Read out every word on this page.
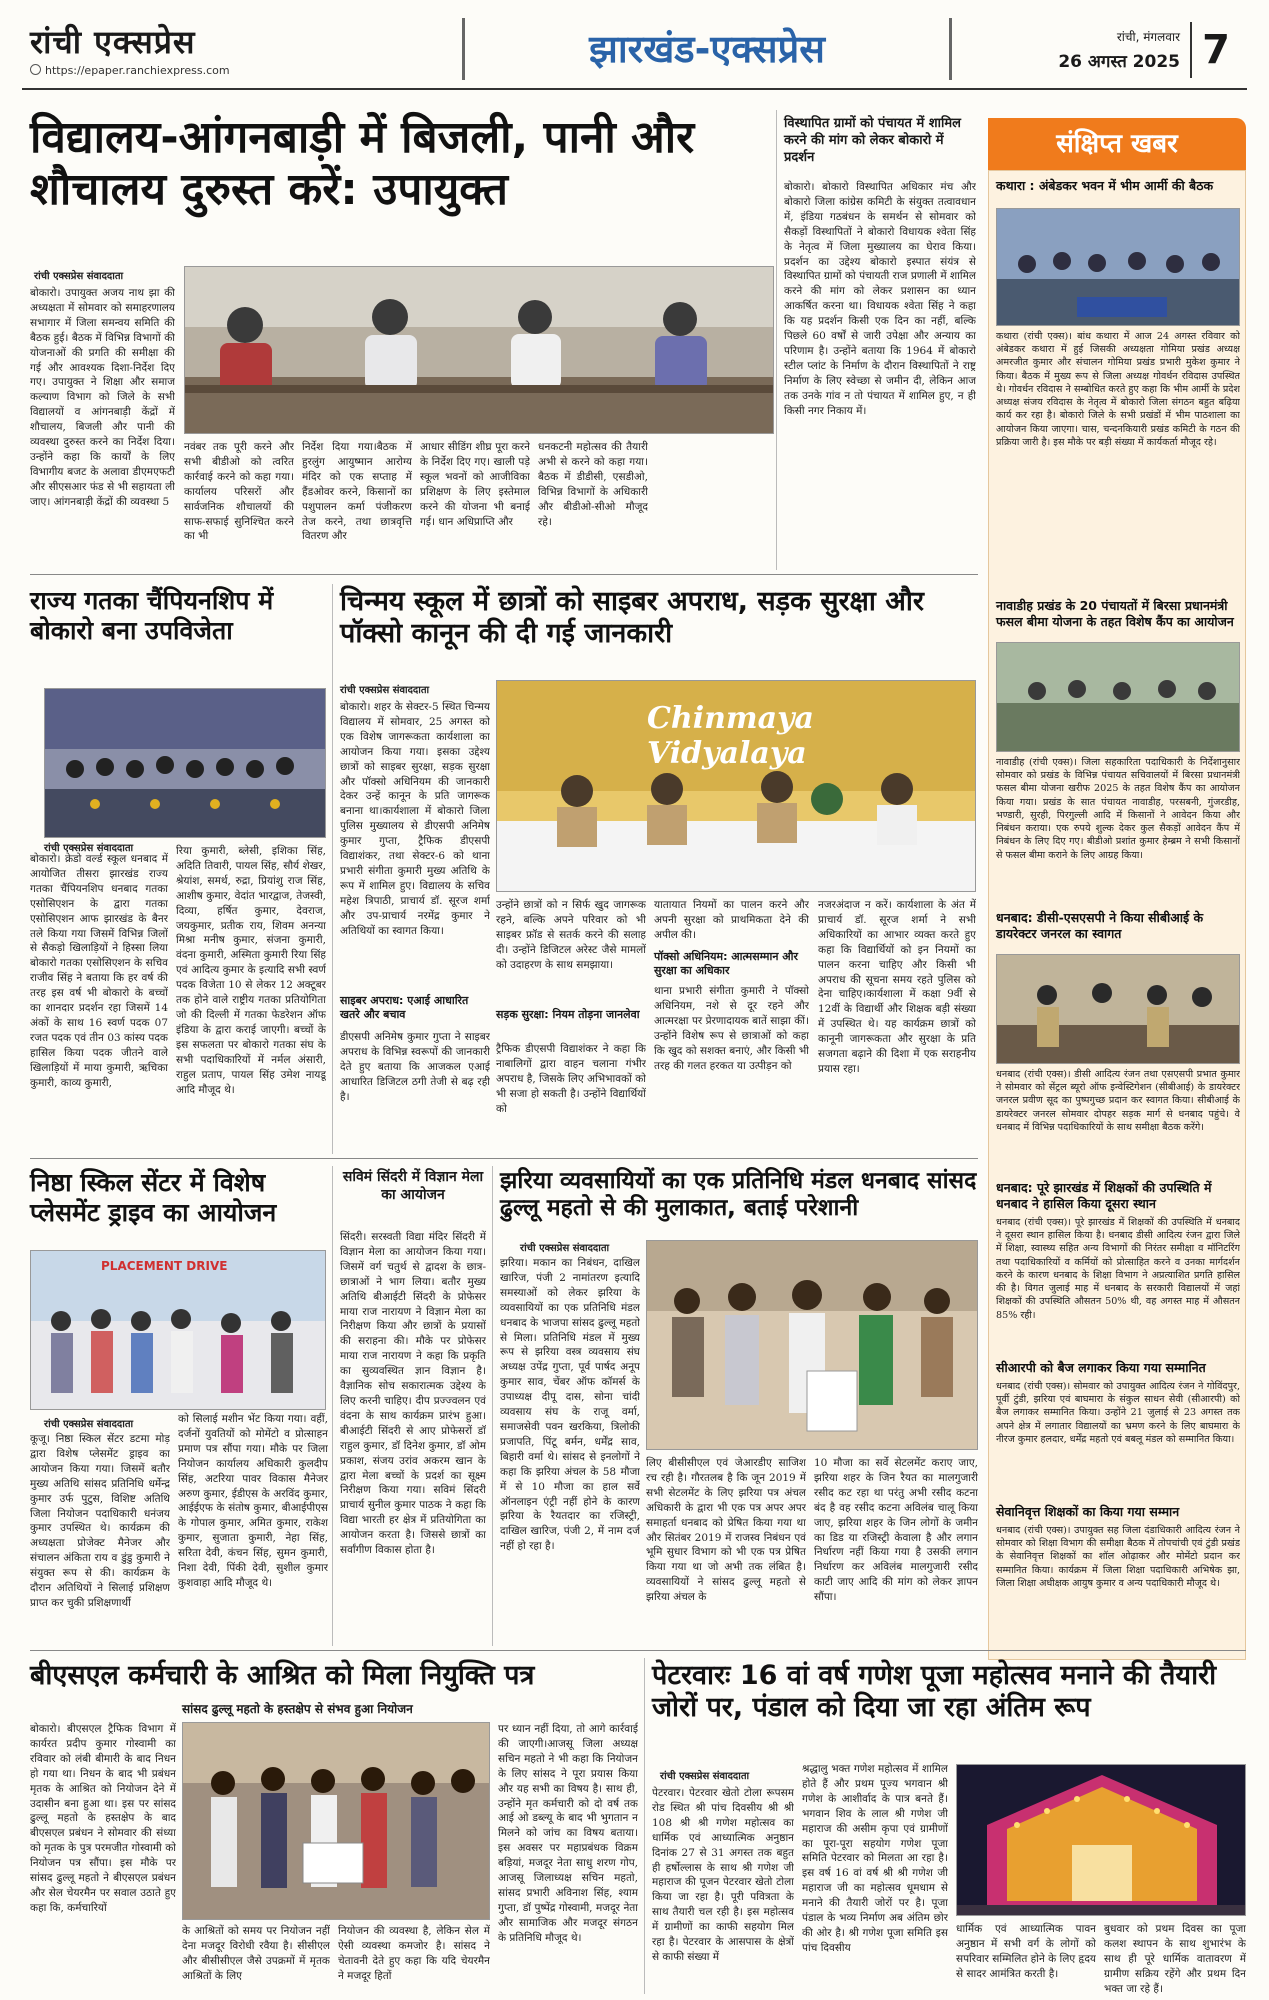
रांची एक्सप्रेस
https://epaper.ranchiexpress.com	झारखंड-एक्सप्रेस	रांची, मंगलवार
26 अगस्त 2025 7
विद्यालय-आंगनबाड़ी में बिजली, पानी और शौचालय दुरुस्त करें: उपायुक्त
रांची एक्सप्रेस संवाददाता
बोकारो। उपायुक्त अजय नाथ झा की अध्यक्षता में सोमवार को समाहरणालय सभागार में जिला समन्वय समिति की बैठक हुई। बैठक में विभिन्न विभागों की योजनाओं की प्रगति की समीक्षा की गई और आवश्यक दिशा-निर्देश दिए गए। उपायुक्त ने शिक्षा और समाज कल्याण विभाग को जिले के सभी विद्यालयों व आंगनबाड़ी केंद्रों में शौचालय, बिजली और पानी की व्यवस्था दुरुस्त करने का निर्देश दिया। उन्होंने कहा कि कार्यों के लिए विभागीय बजट के अलावा डीएमएफटी और सीएसआर फंड से भी सहायता ली जाए। आंगनबाड़ी केंद्रों की व्यवस्था 5
नवंबर तक पूरी करने और सभी बीडीओ को त्वरित कार्रवाई करने को कहा गया। कार्यालय परिसरों और सार्वजनिक शौचालयों की साफ-सफाई सुनिश्चित करने का भी
निर्देश दिया गया।बैठक में हुरलुंग आयुष्मान आरोग्य मंदिर को एक सप्ताह में हैंडओवर करने, किसानों का पशुपालन कर्मा पंजीकरण तेज करने, तथा छात्रवृत्ति वितरण और
आधार सीडिंग शीघ्र पूरा करने के निर्देश दिए गए। खाली पड़े स्कूल भवनों को आजीविका प्रशिक्षण के लिए इस्तेमाल करने की योजना भी बनाई गई। धान अधिप्राप्ति और
धनकटनी महोत्सव की तैयारी अभी से करने को कहा गया। बैठक में डीडीसी, एसडीओ, विभिन्न विभागों के अधिकारी और बीडीओ-सीओ मौजूद रहे।
विस्थापित ग्रामों को पंचायत में शामिल करने की मांग को लेकर बोकारो में प्रदर्शन
बोकारो। बोकारो विस्थापित अधिकार मंच और बोकारो जिला कांग्रेस कमिटी के संयुक्त तत्वावधान में, इंडिया गठबंधन के समर्थन से सोमवार को सैकड़ों विस्थापितों ने बोकारो विधायक श्वेता सिंह के नेतृत्व में जिला मुख्यालय का घेराव किया। प्रदर्शन का उद्देश्य बोकारो इस्पात संयंत्र से विस्थापित ग्रामों को पंचायती राज प्रणाली में शामिल करने की मांग को लेकर प्रशासन का ध्यान आकर्षित करना था। विधायक श्वेता सिंह ने कहा कि यह प्रदर्शन किसी एक दिन का नहीं, बल्कि पिछले 60 वर्षों से जारी उपेक्षा और अन्याय का परिणाम है। उन्होंने बताया कि 1964 में बोकारो स्टील प्लांट के निर्माण के दौरान विस्थापितों ने राष्ट्र निर्माण के लिए स्वेच्छा से जमीन दी, लेकिन आज तक उनके गांव न तो पंचायत में शामिल हुए, न ही किसी नगर निकाय में।
संक्षिप्त खबर
कथारा : अंबेडकर भवन में भीम आर्मी की बैठक
कथारा (रांची एक्स)। बांध कथारा में आज 24 अगस्त रविवार को अंबेडकर कथारा में हुई जिसकी अध्यक्षता गोमिया प्रखंड अध्यक्ष अमरजीत कुमार और संचालन गोमिया प्रखंड प्रभारी मुकेश कुमार ने किया। बैठक में मुख्य रूप से जिला अध्यक्ष गोवर्धन रविदास उपस्थित थे। गोवर्धन रविदास ने सम्बोधित करते हुए कहा कि भीम आर्मी के प्रदेश अध्यक्ष संजय रविदास के नेतृत्व में बोकारो जिला संगठन बहुत बढ़िया कार्य कर रहा है। बोकारो जिले के सभी प्रखंडों में भीम पाठशाला का आयोजन किया जाएगा। चास, चन्दनकियारी प्रखंड कमिटी के गठन की प्रक्रिया जारी है। इस मौके पर बड़ी संख्या में कार्यकर्ता मौजूद रहे।
नावाडीह प्रखंड के 20 पंचायतों में बिरसा प्रधानमंत्री फसल बीमा योजना के तहत विशेष कैंप का आयोजन
नावाडीह (रांची एक्स)। जिला सहकारिता पदाधिकारी के निर्देशानुसार सोमवार को प्रखंड के विभिन्न पंचायत सचिवालयों में बिरसा प्रधानमंत्री फसल बीमा योजना खरीफ 2025 के तहत विशेष कैंप का आयोजन किया गया। प्रखंड के सात पंचायत नावाडीह, परसबनी, गुंजरडीह, भण्डारी, सुरही, पिरगुल्ली आदि में किसानों ने आवेदन किया और निबंधन कराया। एक रुपये शुल्क देकर कुल सैकड़ों आवेदन कैंप में निबंधन के लिए दिए गए। बीडीओ प्रशांत कुमार हेम्ब्रम ने सभी किसानों से फसल बीमा कराने के लिए आग्रह किया।
धनबाद: डीसी-एसएसपी ने किया सीबीआई के डायरेक्टर जनरल का स्वागत
धनबाद (रांची एक्स)। डीसी आदित्य रंजन तथा एसएसपी प्रभात कुमार ने सोमवार को सेंट्रल ब्यूरो ऑफ इन्वेस्टिगेशन (सीबीआई) के डायरेक्टर जनरल प्रवीण सूद का पुष्पगुच्छ प्रदान कर स्वागत किया। सीबीआई के डायरेक्टर जनरल सोमवार दोपहर सड़क मार्ग से धनबाद पहुंचे। वे धनबाद में विभिन्न पदाधिकारियों के साथ समीक्षा बैठक करेंगे।
धनबाद: पूरे झारखंड में शिक्षकों की उपस्थिति में धनबाद ने हासिल किया दूसरा स्थान
धनबाद (रांची एक्स)। पूरे झारखंड में शिक्षकों की उपस्थिति में धनबाद ने दूसरा स्थान हासिल किया है। धनबाद डीसी आदित्य रंजन द्वारा जिले में शिक्षा, स्वास्थ्य सहित अन्य विभागों की निरंतर समीक्षा व मॉनिटरिंग तथा पदाधिकारियों व कर्मियों को प्रोत्साहित करने व उनका मार्गदर्शन करने के कारण धनबाद के शिक्षा विभाग ने अप्रत्याशित प्रगति हासिल की है। विगत जुलाई माह में धनबाद के सरकारी विद्यालयों में जहां शिक्षकों की उपस्थिति औसतन 50% थी, वह अगस्त माह में औसतन 85% रही।
सीआरपी को बैज लगाकर किया गया सम्मानित
धनबाद (रांची एक्स)। सोमवार को उपायुक्त आदित्य रंजन ने गोविंदपुर, पूर्वी टुंडी, झरिया एवं बाघमारा के संकुल साधन सेवी (सीआरपी) को बैज लगाकर सम्मानित किया। उन्होंने 21 जुलाई से 23 अगस्त तक अपने क्षेत्र में लगातार विद्यालयों का भ्रमण करने के लिए बाघमारा के नीरज कुमार हलदार, धर्मेंद्र महतो एवं बबलू मंडल को सम्मानित किया।
सेवानिवृत्त शिक्षकों का किया गया सम्मान
धनबाद (रांची एक्स)। उपायुक्त सह जिला दंडाधिकारी आदित्य रंजन ने सोमवार को शिक्षा विभाग की समीक्षा बैठक में तोपचांची एवं टुंडी प्रखंड के सेवानिवृत्त शिक्षकों का शॉल ओढ़ाकर और मोमेंटो प्रदान कर सम्मानित किया। कार्यक्रम में जिला शिक्षा पदाधिकारी अभिषेक झा, जिला शिक्षा अधीक्षक आयुष कुमार व अन्य पदाधिकारी मौजूद थे।
राज्य गतका चैंपियनशिप में बोकारो बना उपविजेता
रांची एक्सप्रेस संवाददाता
बोकारो। क्रेडो वर्ल्ड स्कूल धनबाद में आयोजित तीसरा झारखंड राज्य गतका चैंपियनशिप धनबाद गतका एसोसिएशन के द्वारा गतका एसोसिएशन आफ झारखंड के बैनर तले किया गया जिसमें विभिन्न जिलों से सैकड़ो खिलाड़ियों ने हिस्सा लिया बोकारो गतका एसोसिएशन के सचिव राजीव सिंह ने बताया कि हर वर्ष की तरह इस वर्ष भी बोकारो के बच्चों का शानदार प्रदर्शन रहा जिसमें 14 अंकों के साथ 16 स्वर्ण पदक 07 रजत पदक एवं तीन 03 कांस्य पदक हासिल किया पदक जीतने वाले खिलाड़ियों में माया कुमारी, ऋचिका कुमारी, काव्य कुमारी,
रिया कुमारी, ब्लेसी, इशिका सिंह, अदिति तिवारी, पायल सिंह, सौर्य शेखर, श्रेयांश, समर्थ, रुद्रा, प्रियांशु राज सिंह, आशीष कुमार, वेदांत भारद्वाज, तेजस्वी, दिव्या, हर्षित कुमार, देवराज, जयकुमार, प्रतीक राय, शिवम अनन्या मिश्रा मनीष कुमार, संजना कुमारी, वंदना कुमारी, अस्मिता कुमारी रिया सिंह एवं आदित्य कुमार के इत्यादि सभी स्वर्ण पदक विजेता 10 से लेकर 12 अक्टूबर तक होने वाले राष्ट्रीय गतका प्रतियोगिता जो की दिल्ली में गतका फेडरेशन ऑफ इंडिया के द्वारा कराई जाएगी। बच्चों के इस सफलता पर बोकारो गतका संघ के सभी पदाधिकारियों में नर्मल अंसारी, राहुल प्रताप, पायल सिंह उमेश नायडू आदि मौजूद थे।
चिन्मय स्कूल में छात्रों को साइबर अपराध, सड़क सुरक्षा और पॉक्सो कानून की दी गई जानकारी
रांची एक्सप्रेस संवाददाता
बोकारो। शहर के सेक्टर-5 स्थित चिन्मय विद्यालय में सोमवार, 25 अगस्त को एक विशेष जागरूकता कार्यशाला का आयोजन किया गया। इसका उद्देश्य छात्रों को साइबर सुरक्षा, सड़क सुरक्षा और पॉक्सो अधिनियम की जानकारी देकर उन्हें कानून के प्रति जागरूक बनाना था।कार्यशाला में बोकारो जिला पुलिस मुख्यालय से डीएसपी अनिमेष कुमार गुप्ता, ट्रैफिक डीएसपी विद्याशंकर, तथा सेक्टर-6 को थाना प्रभारी संगीता कुमारी मुख्य अतिथि के रूप में शामिल हुए। विद्यालय के सचिव महेश त्रिपाठी, प्राचार्य डॉ. सूरज शर्मा और उप-प्राचार्य नरमेंद्र कुमार ने अतिथियों का स्वागत किया।
साइबर अपराध: एआई आधारित खतरे और बचाव
डीएसपी अनिमेष कुमार गुप्ता ने साइबर अपराध के विभिन्न स्वरूपों की जानकारी देते हुए बताया कि आजकल एआई आधारित डिजिटल ठगी तेजी से बढ़ रही है।
Chinmaya Vidyalaya
उन्होंने छात्रों को न सिर्फ खुद जागरूक रहने, बल्कि अपने परिवार को भी साइबर फ्रॉड से सतर्क करने की सलाह दी। उन्होंने डिजिटल अरेस्ट जैसे मामलों को उदाहरण के साथ समझाया।
सड़क सुरक्षा: नियम तोड़ना जानलेवा
ट्रैफिक डीएसपी विद्याशंकर ने कहा कि नाबालिगों द्वारा वाहन चलाना गंभीर अपराध है, जिसके लिए अभिभावकों को भी सजा हो सकती है। उन्होंने विद्यार्थियों को
यातायात नियमों का पालन करने और अपनी सुरक्षा को प्राथमिकता देने की अपील की।
पॉक्सो अधिनियम: आत्मसम्मान और सुरक्षा का अधिकार
थाना प्रभारी संगीता कुमारी ने पॉक्सो अधिनियम, नशे से दूर रहने और आत्मरक्षा पर प्रेरणादायक बातें साझा कीं। उन्होंने विशेष रूप से छात्राओं को कहा कि खुद को सशक्त बनाएं, और किसी भी तरह की गलत हरकत या उत्पीड़न को
नजरअंदाज न करें। कार्यशाला के अंत में प्राचार्य डॉ. सूरज शर्मा ने सभी अधिकारियों का आभार व्यक्त करते हुए कहा कि विद्यार्थियों को इन नियमों का पालन करना चाहिए और किसी भी अपराध की सूचना समय रहते पुलिस को देना चाहिए।कार्यशाला में कक्षा 9वीं से 12वीं के विद्यार्थी और शिक्षक बड़ी संख्या में उपस्थित थे। यह कार्यक्रम छात्रों को कानूनी जागरूकता और सुरक्षा के प्रति सजगता बढ़ाने की दिशा में एक सराहनीय प्रयास रहा।
निष्ठा स्किल सेंटर में विशेष प्लेसमेंट ड्राइव का आयोजन
PLACEMENT DRIVE
रांची एक्सप्रेस संवाददाता
कूजू। निष्ठा स्किल सेंटर डटमा मोड़ द्वारा विशेष प्लेसमेंट ड्राइव का आयोजन किया गया। जिसमें बतौर मुख्य अतिथि सांसद प्रतिनिधि धर्मेन्द्र कुमार उर्फ पुटुस, विशिष्ट अतिथि जिला नियोजन पदाधिकारी धनंजय कुमार उपस्थित थे। कार्यक्रम की अध्यक्षता प्रोजेक्ट मैनेजर और संचालन अंकिता राय व डुंडु कुमारी ने संयुक्त रूप से की। कार्यक्रम के दौरान अतिथियों ने सिलाई प्रशिक्षण प्राप्त कर चुकी प्रशिक्षणार्थी
को सिलाई मशीन भेंट किया गया। वहीं, दर्जनों युवतियों को मोमेंटो व प्रोत्साहन प्रमाण पत्र सौंपा गया। मौके पर जिला नियोजन कार्यालय अधिकारी कुलदीप सिंह, अटरिया पावर विकास मैनेजर अरुण कुमार, ईडीएस के अरविंद कुमार, आईईएफ के संतोष कुमार, बीआईपीएस के गोपाल कुमार, अमित कुमार, राकेश कुमार, सुजाता कुमारी, नेहा सिंह, सरिता देवी, कंचन सिंह, सुमन कुमारी, निशा देवी, पिंकी देवी, सुशील कुमार कुशवाहा आदि मौजूद थे।
सविमं सिंदरी में विज्ञान मेला का आयोजन
सिंदरी। सरस्वती विद्या मंदिर सिंदरी में विज्ञान मेला का आयोजन किया गया। जिसमें वर्ग चतुर्थ से द्वादश के छात्र-छात्राओं ने भाग लिया। बतौर मुख्य अतिथि बीआईटी सिंदरी के प्रोफेसर माया राज नारायण ने विज्ञान मेला का निरीक्षण किया और छात्रों के प्रयासों की सराहना की। मौके पर प्रोफेसर माया राज नारायण ने कहा कि प्रकृति का सुव्यवस्थित ज्ञान विज्ञान है। वैज्ञानिक सोच सकारात्मक उद्देश्य के लिए करनी चाहिए। दीप प्रज्ज्वलन एवं वंदना के साथ कार्यक्रम प्रारंभ हुआ। बीआईटी सिंदरी से आए प्रोफेसरों डॉ राहुल कुमार, डॉ दिनेश कुमार, डॉ ओम प्रकाश, संजय उरांव अकरम खान के द्वारा मेला बच्चों के प्रदर्श का सूक्ष्म निरीक्षण किया गया। सविमं सिंदरी प्राचार्य सुनील कुमार पाठक ने कहा कि विद्या भारती हर क्षेत्र में प्रतियोगिता का आयोजन करता है। जिससे छात्रों का सर्वांगीण विकास होता है।
झरिया व्यवसायियों का एक प्रतिनिधि मंडल धनबाद सांसद ढुल्लू महतो से की मुलाकात, बताई परेशानी
रांची एक्सप्रेस संवाददाता
झरिया। मकान का निबंधन, दाखिल खारिज, पंजी 2 नामांतरण इत्यादि समस्याओं को लेकर झरिया के व्यवसायियों का एक प्रतिनिधि मंडल धनबाद के भाजपा सांसद ढुल्लू महतो से मिला। प्रतिनिधि मंडल में मुख्य रूप से झरिया वस्त्र व्यवसाय संघ अध्यक्ष उपेंद्र गुप्ता, पूर्व पार्षद अनूप कुमार साव, चेंबर ऑफ कॉमर्स के उपाध्यक्ष दीपू दास, सोना चांदी व्यवसाय संघ के राजू वर्मा, समाजसेवी पवन खरकिया, त्रिलोकी प्रजापति, पिंटू बर्मन, धर्मेंद्र साव, बिहारी वर्मा थे। सांसद से इनलोगों ने कहा कि झरिया अंचल के 58 मौजा में से 10 मौजा का हाल सर्वे ऑनलाइन एंट्री नहीं होने के कारण झरिया के रैयतदार का रजिस्ट्री, दाखिल खारिज, पंजी 2, में नाम दर्ज नहीं हो रहा है।
लिए बीसीसीएल एवं जेआरडीए साजिश रच रही है। गौरतलब है कि जून 2019 में सभी सेटलमेंट के लिए झरिया पत्र अंचल अधिकारी के द्वारा भी एक पत्र अपर अपर समाहर्ता धनबाद को प्रेषित किया गया था और सितंबर 2019 में राजस्व निबंधन एवं भूमि सुधार विभाग को भी एक पत्र प्रेषित किया गया था जो अभी तक लंबित है। व्यवसायियों ने सांसद ढुल्लू महतो से झरिया अंचल के
10 मौजा का सर्वे सेटलमेंट कराए जाए, झरिया शहर के जिन रैयत का मालगुजारी रसीद कट रहा था परंतु अभी रसीद कटना बंद है वह रसीद कटना अविलंब चालू किया जाए, झरिया शहर के जिन लोगों के जमीन का डिड या रजिस्ट्री केवाला है और लगान निर्धारण नहीं किया गया है उसकी लगान निर्धारण कर अविलंब मालगुजारी रसीद काटी जाए आदि की मांग को लेकर ज्ञापन सौंपा।
बीएसएल कर्मचारी के आश्रित को मिला नियुक्ति पत्र
सांसद ढुल्लू महतो के हस्तक्षेप से संभव हुआ नियोजन
बोकारो। बीएसएल ट्रैफिक विभाग में कार्यरत प्रदीप कुमार गोस्वामी का रविवार को लंबी बीमारी के बाद निधन हो गया था। निधन के बाद भी प्रबंधन मृतक के आश्रित को नियोजन देने में उदासीन बना हुआ था। इस पर सांसद ढुल्लू महतो के हस्तक्षेप के बाद बीएसएल प्रबंधन ने सोमवार की संध्या को मृतक के पुत्र परमजीत गोस्वामी को नियोजन पत्र सौंपा। इस मौके पर सांसद ढुल्लू महतो ने बीएसएल प्रबंधन और सेल चेयरमैन पर सवाल उठाते हुए कहा कि, कर्मचारियों
के आश्रितों को समय पर नियोजन नहीं देना मजदूर विरोधी रवैया है। सीसीएल और बीसीसीएल जैसे उपक्रमों में मृतक आश्रितों के लिए
नियोजन की व्यवस्था है, लेकिन सेल में ऐसी व्यवस्था कमजोर है। सांसद ने चेतावनी देते हुए कहा कि यदि चेयरमैन ने मजदूर हितों
पर ध्यान नहीं दिया, तो आगे कार्रवाई की जाएगी।आजसू जिला अध्यक्ष सचिन महतो ने भी कहा कि नियोजन के लिए सांसद ने पूरा प्रयास किया और यह सभी का विषय है। साथ ही, उन्होंने मृत कर्मचारी को दो वर्ष तक आई ओ डब्ल्यू के बाद भी भुगतान न मिलने को जांच का विषय बताया। इस अवसर पर महाप्रबंधक विक्रम बड़ियां, मजदूर नेता साधु शरण गोप, आजसू जिलाध्यक्ष सचिन महतो, सांसद प्रभारी अविनाश सिंह, श्याम गुप्ता, डॉ पुष्पेंद्र गोस्वामी, मजदूर नेता और सामाजिक और मजदूर संगठन के प्रतिनिधि मौजूद थे।
पेटरवारः 16 वां वर्ष गणेश पूजा महोत्सव मनाने की तैयारी जोरों पर, पंडाल को दिया जा रहा अंतिम रूप
रांची एक्सप्रेस संवाददाता
पेटरवार। पेटरवार खेतो टोला रूपसम रोड स्थित श्री पांच दिवसीय श्री श्री 108 श्री श्री गणेश महोत्सव का धार्मिक एवं आध्यात्मिक अनुष्ठान दिनांक 27 से 31 अगस्त तक बहुत ही हर्षोल्लास के साथ श्री गणेश जी महाराज की पूजन पेटरवार खेतो टोला किया जा रहा है। पूरी पवित्रता के साथ तैयारी चल रही है। इस महोत्सव में ग्रामीणों का काफी सहयोग मिल रहा है। पेटरवार के आसपास के क्षेत्रों से काफी संख्या में
श्रद्धालु भक्त गणेश महोत्सव में शामिल होते हैं और प्रथम पूज्य भगवान श्री गणेश के आशीर्वाद के पात्र बनते हैं। भगवान शिव के लाल श्री गणेश जी महाराज की असीम कृपा एवं ग्रामीणों का पूरा-पूरा सहयोग गणेश पूजा समिति पेटरवार को मिलता आ रहा है। इस वर्ष 16 वां वर्ष श्री श्री गणेश जी महाराज जी का महोत्सव धूमधाम से मनाने की तैयारी जोरों पर है। पूजा पंडाल के भव्य निर्माण अब अंतिम छोर की ओर है। श्री गणेश पूजा समिति इस पांच दिवसीय
धार्मिक एवं आध्यात्मिक पावन अनुष्ठान में सभी वर्ग के लोगों को सपरिवार सम्मिलित होने के लिए हृदय से सादर आमंत्रित करती है।
बुधवार को प्रथम दिवस का पूजा कलश स्थापन के साथ शुभारंभ के साथ ही पूरे धार्मिक वातावरण में ग्रामीण सक्रिय रहेंगे और प्रथम दिन भक्त जा रहे हैं।
